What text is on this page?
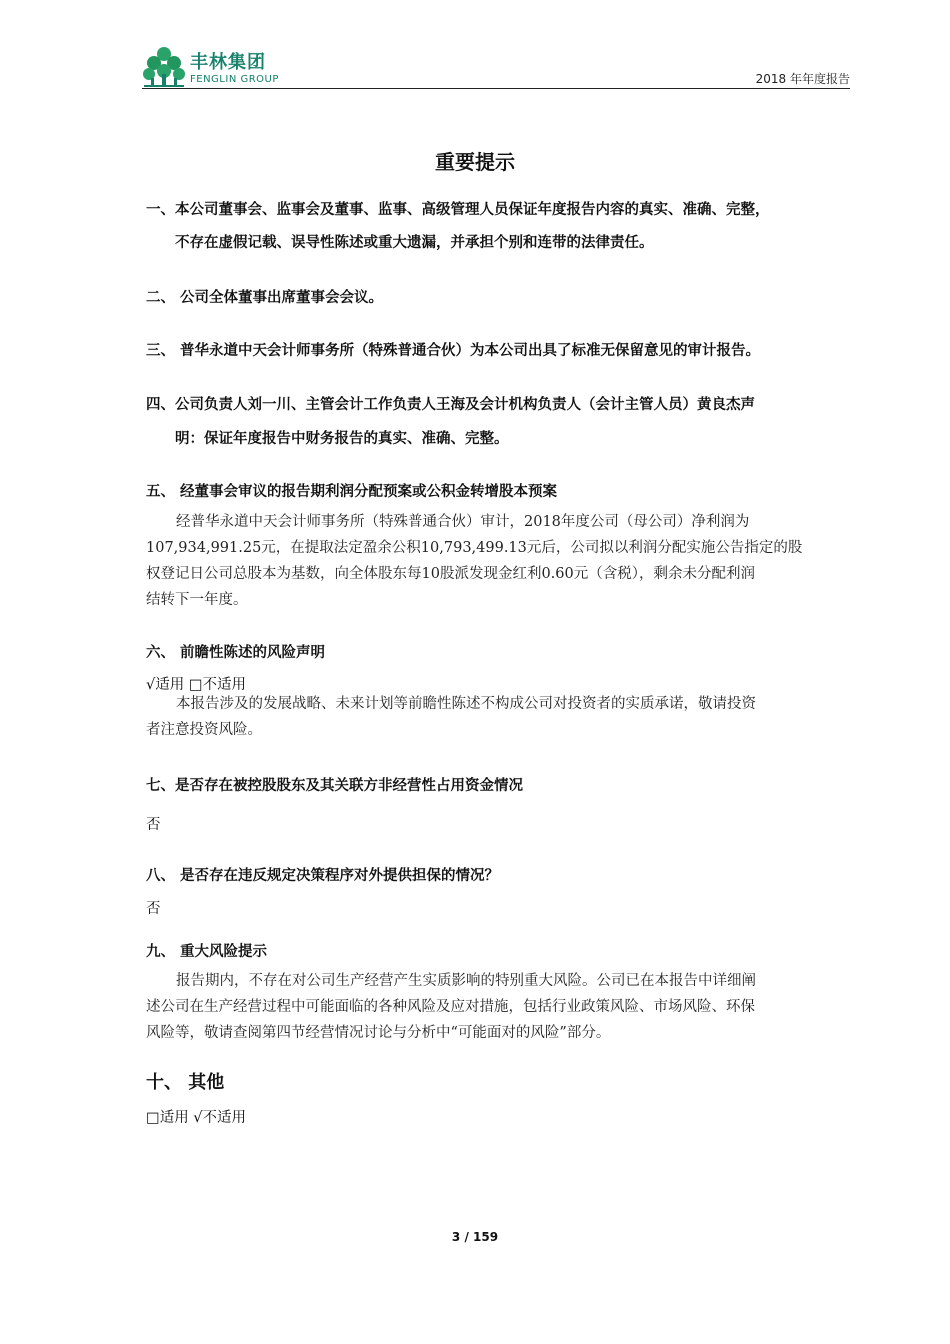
丰林集团
FENGLIN GROUP	2018 年年度报告
重要提示
一、本公司董事会、监事会及董事、监事、高级管理人员保证年度报告内容的真实、准确、完整，
不存在虚假记载、误导性陈述或重大遗漏，并承担个别和连带的法律责任。
二、 公司全体董事出席董事会会议。
三、 普华永道中天会计师事务所（特殊普通合伙）为本公司出具了标准无保留意见的审计报告。
四、公司负责人刘一川、主管会计工作负责人王海及会计机构负责人（会计主管人员）黄良杰声
明：保证年度报告中财务报告的真实、准确、完整。
五、 经董事会审议的报告期利润分配预案或公积金转增股本预案
经普华永道中天会计师事务所（特殊普通合伙）审计，2018年度公司（母公司）净利润为
107,934,991.25元，在提取法定盈余公积10,793,499.13元后，公司拟以利润分配实施公告指定的股
权登记日公司总股本为基数，向全体股东每10股派发现金红利0.60元（含税），剩余未分配利润
结转下一年度。
六、 前瞻性陈述的风险声明
√适用 □不适用
本报告涉及的发展战略、未来计划等前瞻性陈述不构成公司对投资者的实质承诺，敬请投资
者注意投资风险。
七、是否存在被控股股东及其关联方非经营性占用资金情况
否
八、 是否存在违反规定决策程序对外提供担保的情况？
否
九、 重大风险提示
报告期内，不存在对公司生产经营产生实质影响的特别重大风险。公司已在本报告中详细阐
述公司在生产经营过程中可能面临的各种风险及应对措施，包括行业政策风险、市场风险、环保
风险等，敬请查阅第四节经营情况讨论与分析中“可能面对的风险”部分。
十、 其他
□适用 √不适用
3 / 159
